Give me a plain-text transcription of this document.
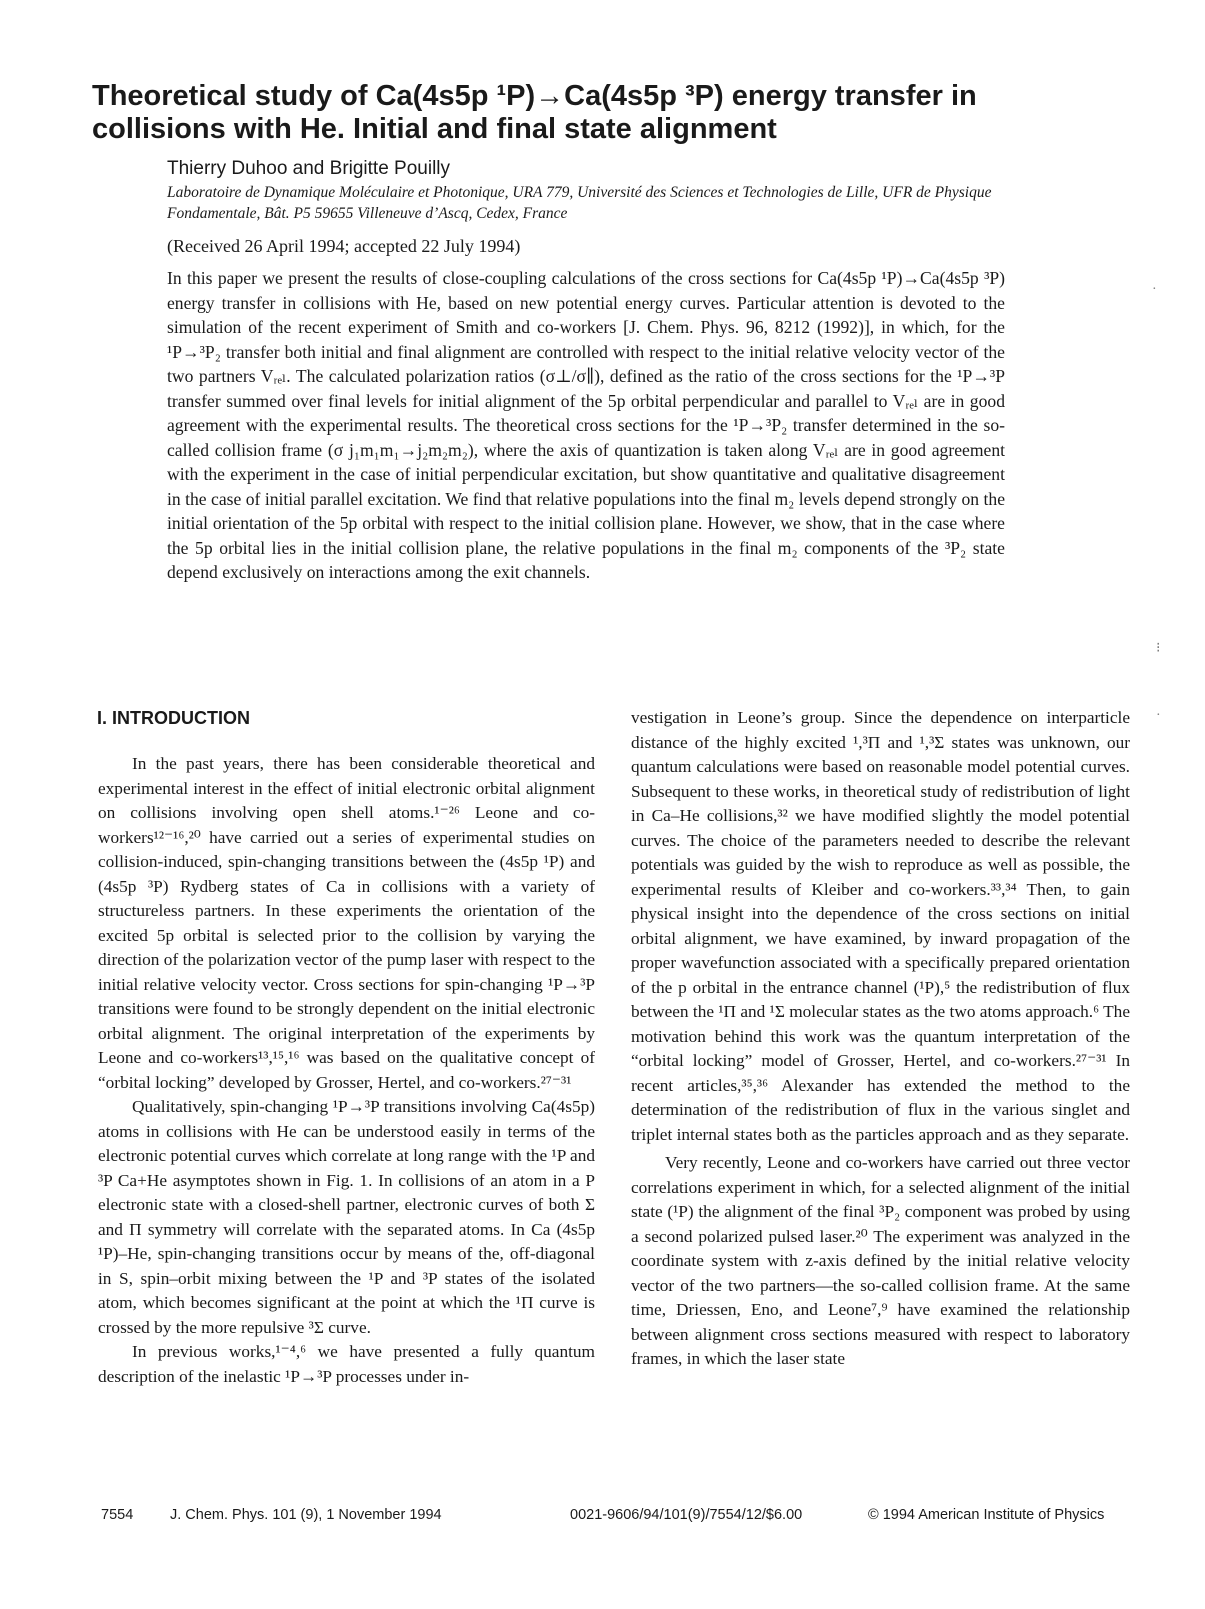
Theoretical study of Ca(4s5p ¹P)→Ca(4s5p ³P) energy transfer in collisions with He. Initial and final state alignment

Thierry Duhoo and Brigitte Pouilly

Laboratoire de Dynamique Moléculaire et Photonique, URA 779, Université des Sciences et Technologies de Lille, UFR de Physique Fondamentale, Bât. P5 59655 Villeneuve d’Ascq, Cedex, France

(Received 26 April 1994; accepted 22 July 1994)

In this paper we present the results of close-coupling calculations of the cross sections for Ca(4s5p ¹P)→Ca(4s5p ³P) energy transfer in collisions with He, based on new potential energy curves. Particular attention is devoted to the simulation of the recent experiment of Smith and co-workers [J. Chem. Phys. 96, 8212 (1992)], in which, for the ¹P→³P₂ transfer both initial and final alignment are controlled with respect to the initial relative velocity vector of the two partners Vᵣₑₗ. The calculated polarization ratios (σ⊥/σ∥), defined as the ratio of the cross sections for the ¹P→³P transfer summed over final levels for initial alignment of the 5p orbital perpendicular and parallel to Vᵣₑₗ are in good agreement with the experimental results. The theoretical cross sections for the ¹P→³P₂ transfer determined in the so-called collision frame (σ j₁m₁m₁→j₂m₂m₂), where the axis of quantization is taken along Vᵣₑₗ are in good agreement with the experiment in the case of initial perpendicular excitation, but show quantitative and qualitative disagreement in the case of initial parallel excitation. We find that relative populations into the final m₂ levels depend strongly on the initial orientation of the 5p orbital with respect to the initial collision plane. However, we show, that in the case where the 5p orbital lies in the initial collision plane, the relative populations in the final m₂ components of the ³P₂ state depend exclusively on interactions among the exit channels.

I. INTRODUCTION

In the past years, there has been considerable theoretical and experimental interest in the effect of initial electronic orbital alignment on collisions involving open shell atoms.¹⁻²⁶ Leone and co-workers¹²⁻¹⁶,²⁰ have carried out a series of experimental studies on collision-induced, spin-changing transitions between the (4s5p ¹P) and (4s5p ³P) Rydberg states of Ca in collisions with a variety of structureless partners. In these experiments the orientation of the excited 5p orbital is selected prior to the collision by varying the direction of the polarization vector of the pump laser with respect to the initial relative velocity vector. Cross sections for spin-changing ¹P→³P transitions were found to be strongly dependent on the initial electronic orbital alignment. The original interpretation of the experiments by Leone and co-workers¹³,¹⁵,¹⁶ was based on the qualitative concept of “orbital locking” developed by Grosser, Hertel, and co-workers.²⁷⁻³¹

Qualitatively, spin-changing ¹P→³P transitions involving Ca(4s5p) atoms in collisions with He can be understood easily in terms of the electronic potential curves which correlate at long range with the ¹P and ³P Ca+He asymptotes shown in Fig. 1. In collisions of an atom in a P electronic state with a closed-shell partner, electronic curves of both Σ and Π symmetry will correlate with the separated atoms. In Ca (4s5p ¹P)–He, spin-changing transitions occur by means of the, off-diagonal in S, spin–orbit mixing between the ¹P and ³P states of the isolated atom, which becomes significant at the point at which the ¹Π curve is crossed by the more repulsive ³Σ curve.

In previous works,¹⁻⁴,⁶ we have presented a fully quantum description of the inelastic ¹P→³P processes under in-

vestigation in Leone’s group. Since the dependence on interparticle distance of the highly excited ¹,³Π and ¹,³Σ states was unknown, our quantum calculations were based on reasonable model potential curves. Subsequent to these works, in theoretical study of redistribution of light in Ca–He collisions,³² we have modified slightly the model potential curves. The choice of the parameters needed to describe the relevant potentials was guided by the wish to reproduce as well as possible, the experimental results of Kleiber and co-workers.³³,³⁴ Then, to gain physical insight into the dependence of the cross sections on initial orbital alignment, we have examined, by inward propagation of the proper wavefunction associated with a specifically prepared orientation of the p orbital in the entrance channel (¹P),⁵ the redistribution of flux between the ¹Π and ¹Σ molecular states as the two atoms approach.⁶ The motivation behind this work was the quantum interpretation of the “orbital locking” model of Grosser, Hertel, and co-workers.²⁷⁻³¹ In recent articles,³⁵,³⁶ Alexander has extended the method to the determination of the redistribution of flux in the various singlet and triplet internal states both as the particles approach and as they separate.

Very recently, Leone and co-workers have carried out three vector correlations experiment in which, for a selected alignment of the initial state (¹P) the alignment of the final ³P₂ component was probed by using a second polarized pulsed laser.²⁰ The experiment was analyzed in the coordinate system with z-axis defined by the initial relative velocity vector of the two partners—the so-called collision frame. At the same time, Driessen, Eno, and Leone⁷,⁹ have examined the relationship between alignment cross sections measured with respect to laboratory frames, in which the laser state

7554	J. Chem. Phys. 101 (9), 1 November 1994	0021-9606/94/101(9)/7554/12/$6.00	© 1994 American Institute of Physics
·
⁝
·
